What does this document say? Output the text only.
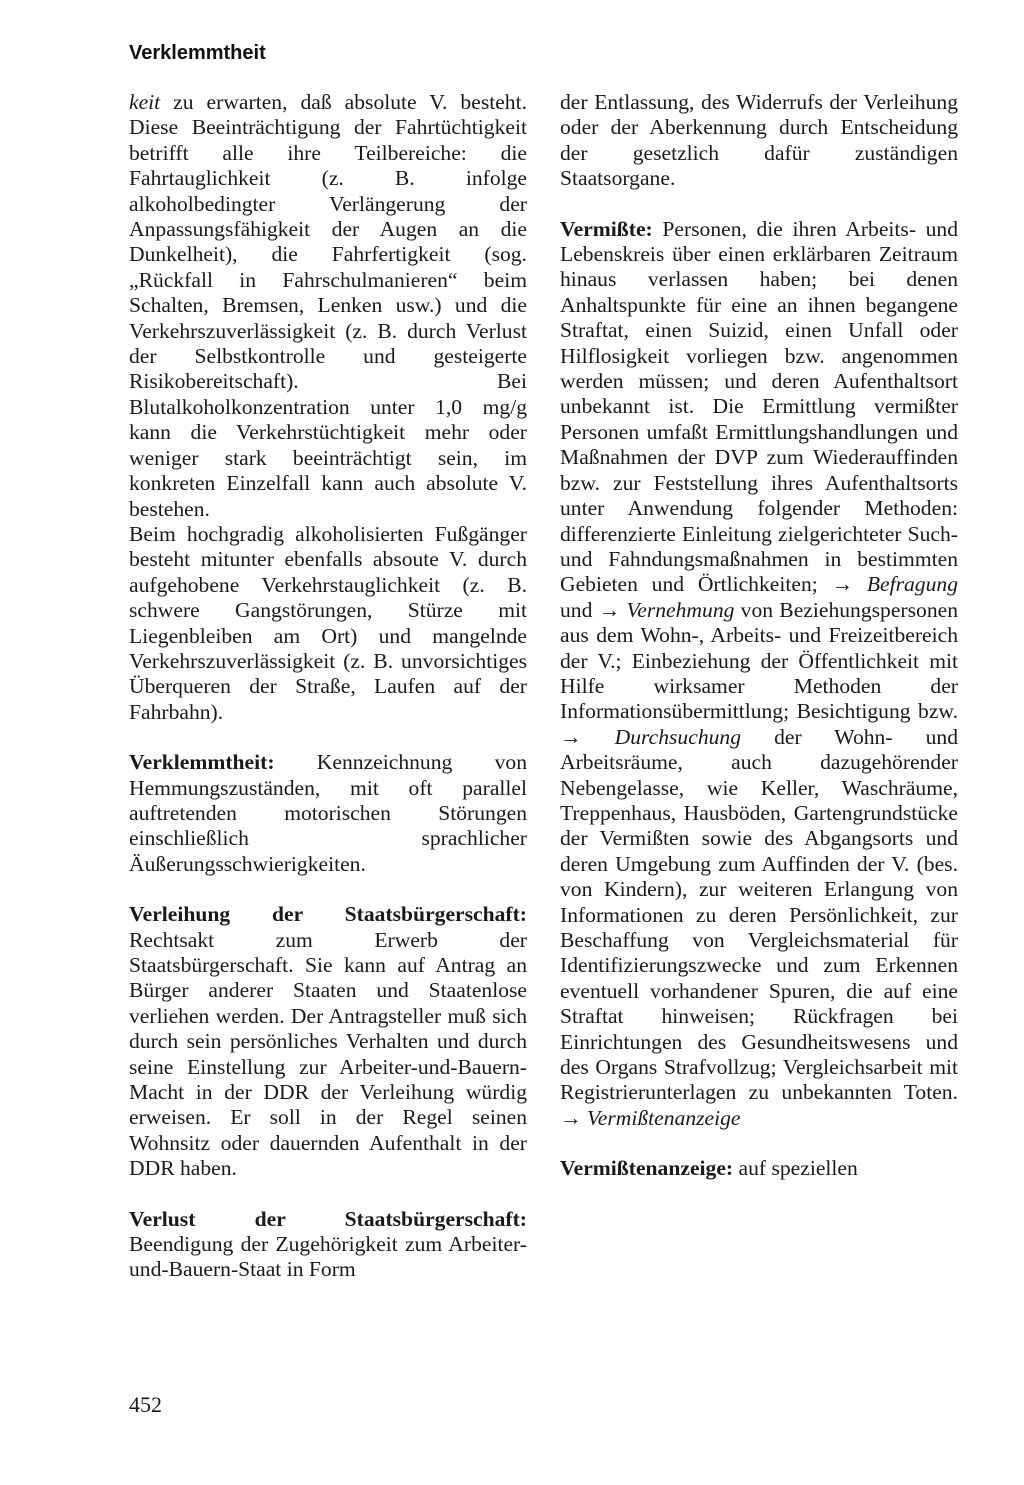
Verklemmtheit

keit zu erwarten, daß absolute V. besteht. Diese Beeinträchtigung der Fahrtüchtigkeit betrifft alle ihre Teilbereiche: die Fahrtauglichkeit (z. B. infolge alkoholbedingter Verlängerung der Anpassungsfähigkeit der Augen an die Dunkelheit), die Fahrfertigkeit (sog. „Rückfall in Fahrschulmanieren“ beim Schalten, Bremsen, Lenken usw.) und die Verkehrszuverlässigkeit (z. B. durch Verlust der Selbstkontrolle und gesteigerte Risikobereitschaft). Bei Blutalkoholkonzentration unter 1,0 mg/g kann die Verkehrstüchtigkeit mehr oder weniger stark beeinträchtigt sein, im konkreten Einzelfall kann auch absolute V. bestehen.

Beim hochgradig alkoholisierten Fußgänger besteht mitunter ebenfalls absoute V. durch aufgehobene Verkehrstauglichkeit (z. B. schwere Gangstörungen, Stürze mit Liegenbleiben am Ort) und mangelnde Verkehrszuverlässigkeit (z. B. unvorsichtiges Überqueren der Straße, Laufen auf der Fahrbahn).

Verklemmtheit: Kennzeichnung von Hemmungszuständen, mit oft parallel auftretenden motorischen Störungen einschließlich sprachlicher Äußerungsschwierigkeiten.

Verleihung der Staatsbürgerschaft: Rechtsakt zum Erwerb der Staatsbürgerschaft. Sie kann auf Antrag an Bürger anderer Staaten und Staatenlose verliehen werden. Der Antragsteller muß sich durch sein persönliches Verhalten und durch seine Einstellung zur Arbeiter-und-Bauern-Macht in der DDR der Verleihung würdig erweisen. Er soll in der Regel seinen Wohnsitz oder dauernden Aufenthalt in der DDR haben.

Verlust der Staatsbürgerschaft: Beendigung der Zugehörigkeit zum Arbeiter-und-Bauern-Staat in Form

der Entlassung, des Widerrufs der Verleihung oder der Aberkennung durch Entscheidung der gesetzlich dafür zuständigen Staatsorgane.

Vermißte: Personen, die ihren Arbeits- und Lebenskreis über einen erklärbaren Zeitraum hinaus verlassen haben; bei denen Anhaltspunkte für eine an ihnen begangene Straftat, einen Suizid, einen Unfall oder Hilflosigkeit vorliegen bzw. angenommen werden müssen; und deren Aufenthaltsort unbekannt ist. Die Ermittlung vermißter Personen umfaßt Ermittlungshandlungen und Maßnahmen der DVP zum Wiederauffinden bzw. zur Feststellung ihres Aufenthaltsorts unter Anwendung folgender Methoden: differenzierte Einleitung zielgerichteter Such- und Fahndungsmaßnahmen in bestimmten Gebieten und Örtlichkeiten; → Befragung und → Vernehmung von Beziehungspersonen aus dem Wohn-, Arbeits- und Freizeitbereich der V.; Einbeziehung der Öffentlichkeit mit Hilfe wirksamer Methoden der Informationsübermittlung; Besichtigung bzw. → Durchsuchung der Wohn- und Arbeitsräume, auch dazugehörender Nebengelasse, wie Keller, Waschräume, Treppenhaus, Hausböden, Gartengrundstücke der Vermißten sowie des Abgangsorts und deren Umgebung zum Auffinden der V. (bes. von Kindern), zur weiteren Erlangung von Informationen zu deren Persönlichkeit, zur Beschaffung von Vergleichsmaterial für Identifizierungszwecke und zum Erkennen eventuell vorhandener Spuren, die auf eine Straftat hinweisen; Rückfragen bei Einrichtungen des Gesundheitswesens und des Organs Strafvollzug; Vergleichsarbeit mit Registrierunterlagen zu unbekannten Toten. → Vermißtenanzeige

Vermißtenanzeige: auf speziellen

452
